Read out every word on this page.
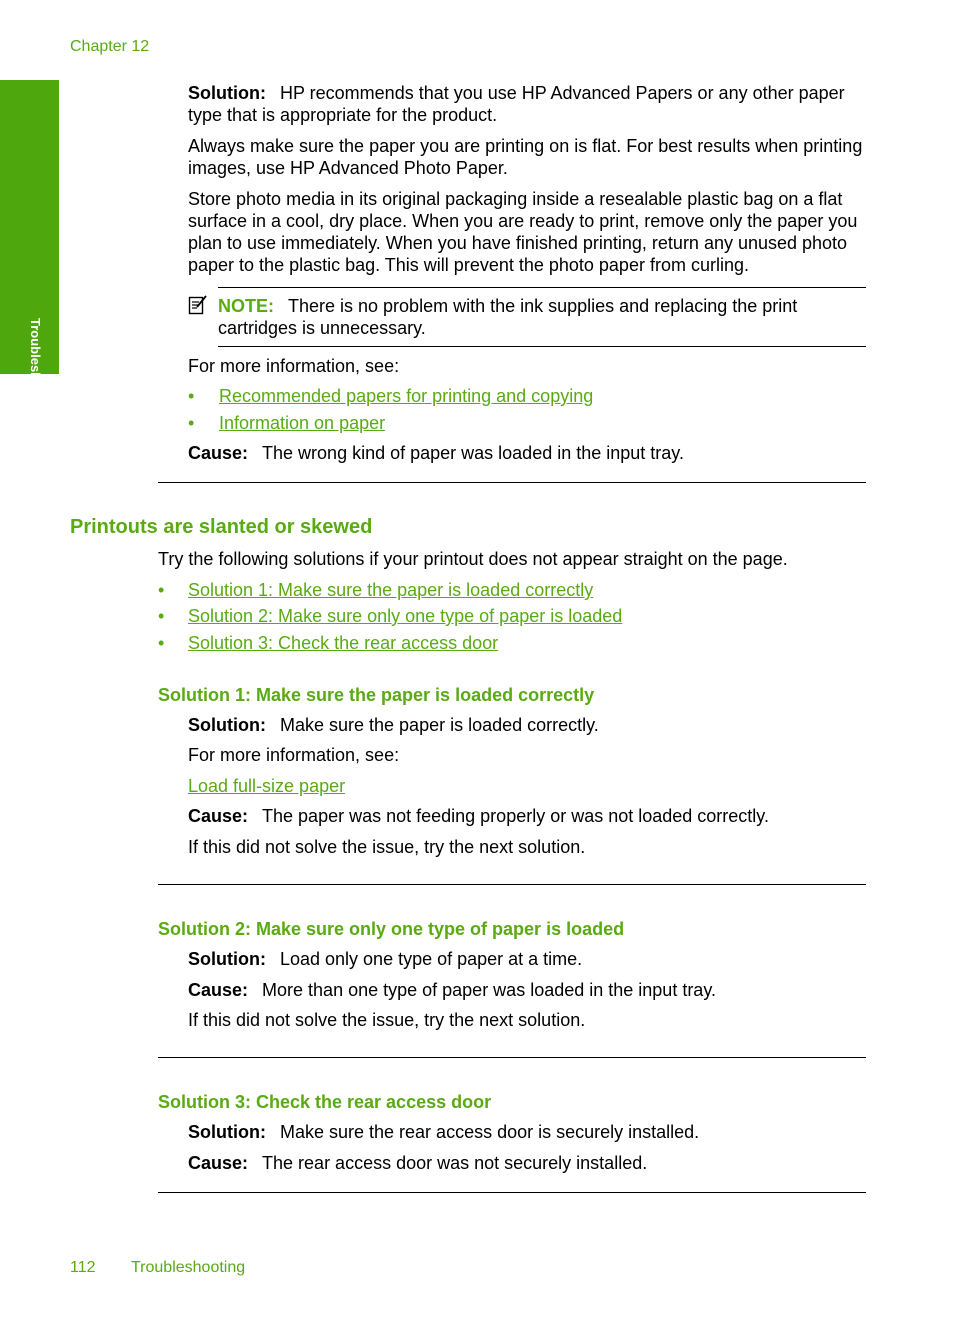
Chapter 12
Troubleshooting
Solution: HP recommends that you use HP Advanced Papers or any other paper type that is appropriate for the product.
Always make sure the paper you are printing on is flat. For best results when printing images, use HP Advanced Photo Paper.
Store photo media in its original packaging inside a resealable plastic bag on a flat surface in a cool, dry place. When you are ready to print, remove only the paper you plan to use immediately. When you have finished printing, return any unused photo paper to the plastic bag. This will prevent the photo paper from curling.
NOTE: There is no problem with the ink supplies and replacing the print cartridges is unnecessary.
For more information, see:
• Recommended papers for printing and copying
• Information on paper
Cause: The wrong kind of paper was loaded in the input tray.
Printouts are slanted or skewed
Try the following solutions if your printout does not appear straight on the page.
• Solution 1: Make sure the paper is loaded correctly
• Solution 2: Make sure only one type of paper is loaded
• Solution 3: Check the rear access door
Solution 1: Make sure the paper is loaded correctly
Solution: Make sure the paper is loaded correctly.
For more information, see:
Load full-size paper
Cause: The paper was not feeding properly or was not loaded correctly.
If this did not solve the issue, try the next solution.
Solution 2: Make sure only one type of paper is loaded
Solution: Load only one type of paper at a time.
Cause: More than one type of paper was loaded in the input tray.
If this did not solve the issue, try the next solution.
Solution 3: Check the rear access door
Solution: Make sure the rear access door is securely installed.
Cause: The rear access door was not securely installed.
112 Troubleshooting
